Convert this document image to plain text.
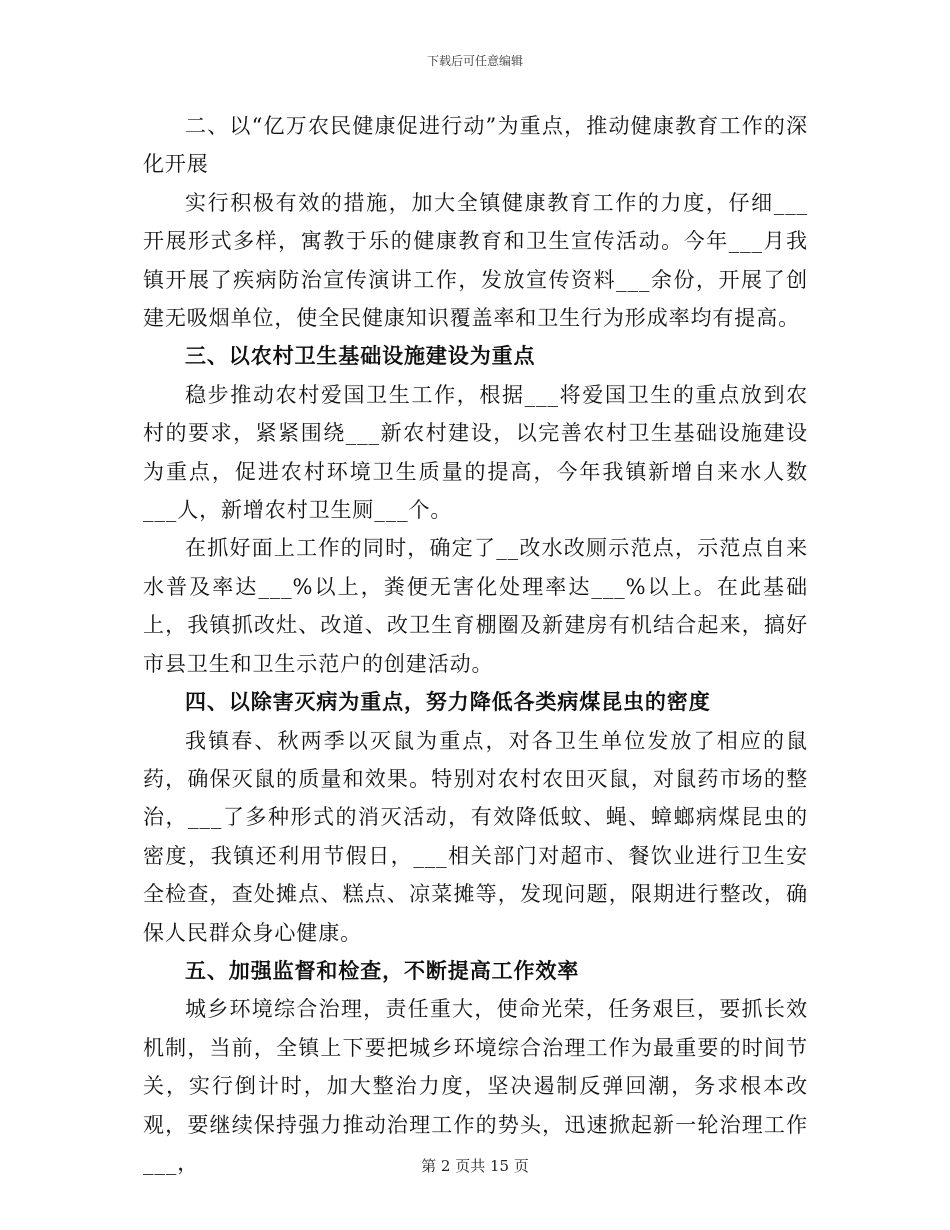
下载后可任意编辑

二、以“亿万农民健康促进行动”为重点，推动健康教育工作的深化开展

实行积极有效的措施，加大全镇健康教育工作的力度，仔细___开展形式多样，寓教于乐的健康教育和卫生宣传活动。今年___月我镇开展了疾病防治宣传演讲工作，发放宣传资料___余份，开展了创建无吸烟单位，使全民健康知识覆盖率和卫生行为形成率均有提高。

三、以农村卫生基础设施建设为重点

稳步推动农村爱国卫生工作，根据___将爱国卫生的重点放到农村的要求，紧紧围绕___新农村建设，以完善农村卫生基础设施建设为重点，促进农村环境卫生质量的提高，今年我镇新增自来水人数___人，新增农村卫生厕___个。

在抓好面上工作的同时，确定了__改水改厕示范点，示范点自来水普及率达___%以上，粪便无害化处理率达___%以上。在此基础上，我镇抓改灶、改道、改卫生育棚圈及新建房有机结合起来，搞好市县卫生和卫生示范户的创建活动。

四、以除害灭病为重点，努力降低各类病煤昆虫的密度

我镇春、秋两季以灭鼠为重点，对各卫生单位发放了相应的鼠药，确保灭鼠的质量和效果。特别对农村农田灭鼠，对鼠药市场的整治，___了多种形式的消灭活动，有效降低蚊、蝇、蟑螂病煤昆虫的密度，我镇还利用节假日，___相关部门对超市、餐饮业进行卫生安全检查，查处摊点、糕点、凉菜摊等，发现问题，限期进行整改，确保人民群众身心健康。

五、加强监督和检查，不断提高工作效率

城乡环境综合治理，责任重大，使命光荣，任务艰巨，要抓长效机制，当前，全镇上下要把城乡环境综合治理工作为最重要的时间节关，实行倒计时，加大整治力度，坚决遏制反弹回潮，务求根本改观，要继续保持强力推动治理工作的势头，迅速掀起新一轮治理工作___，	第 2 页共 15 页
